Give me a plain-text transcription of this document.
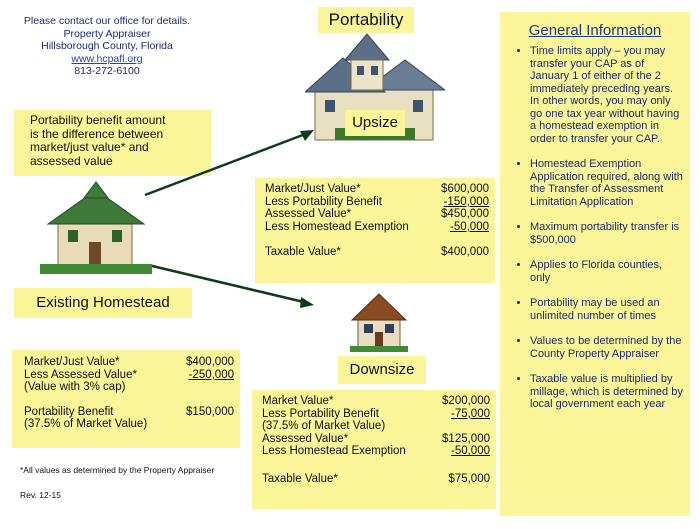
Please contact our office for details.
Property Appraiser
Hillsborough County, Florida
www.hcpafl.org
813-272-6100
Portability
Portability benefit amount
is the difference between
market/just value* and
assessed value
Upsize
Market/Just Value*	$600,000
Less Portability Benefit	-150,000
Assessed Value*	$450,000
Less Homestead Exemption	-50,000
Taxable Value*	$400,000
Existing Homestead
Market/Just Value*	$400,000
Less Assessed Value*	-250,000
(Value with 3% cap)
Portability Benefit	$150,000
(37.5% of Market Value)
Downsize
Market Value*	$200,000
Less Portability Benefit	-75,000
(37.5% of Market Value)
Assessed Value*	$125,000
Less Homestead Exemption	-50,000
Taxable Value*	$75,000
*All values as determined by the Property Appraiser
Rev. 12-15
General Information
• Time limits apply – you may transfer your CAP as of January 1 of either of the 2 immediately preceding years. In other words, you may only go one tax year without having a homestead exemption in order to transfer your CAP.
• Homestead Exemption Application required, along with the Transfer of Assessment Limitation Application
• Maximum portability transfer is $500,000
• Applies to Florida counties, only
• Portability may be used an unlimited number of times
• Values to be determined by the County Property Appraiser
• Taxable value is multiplied by millage, which is determined by local government each year
